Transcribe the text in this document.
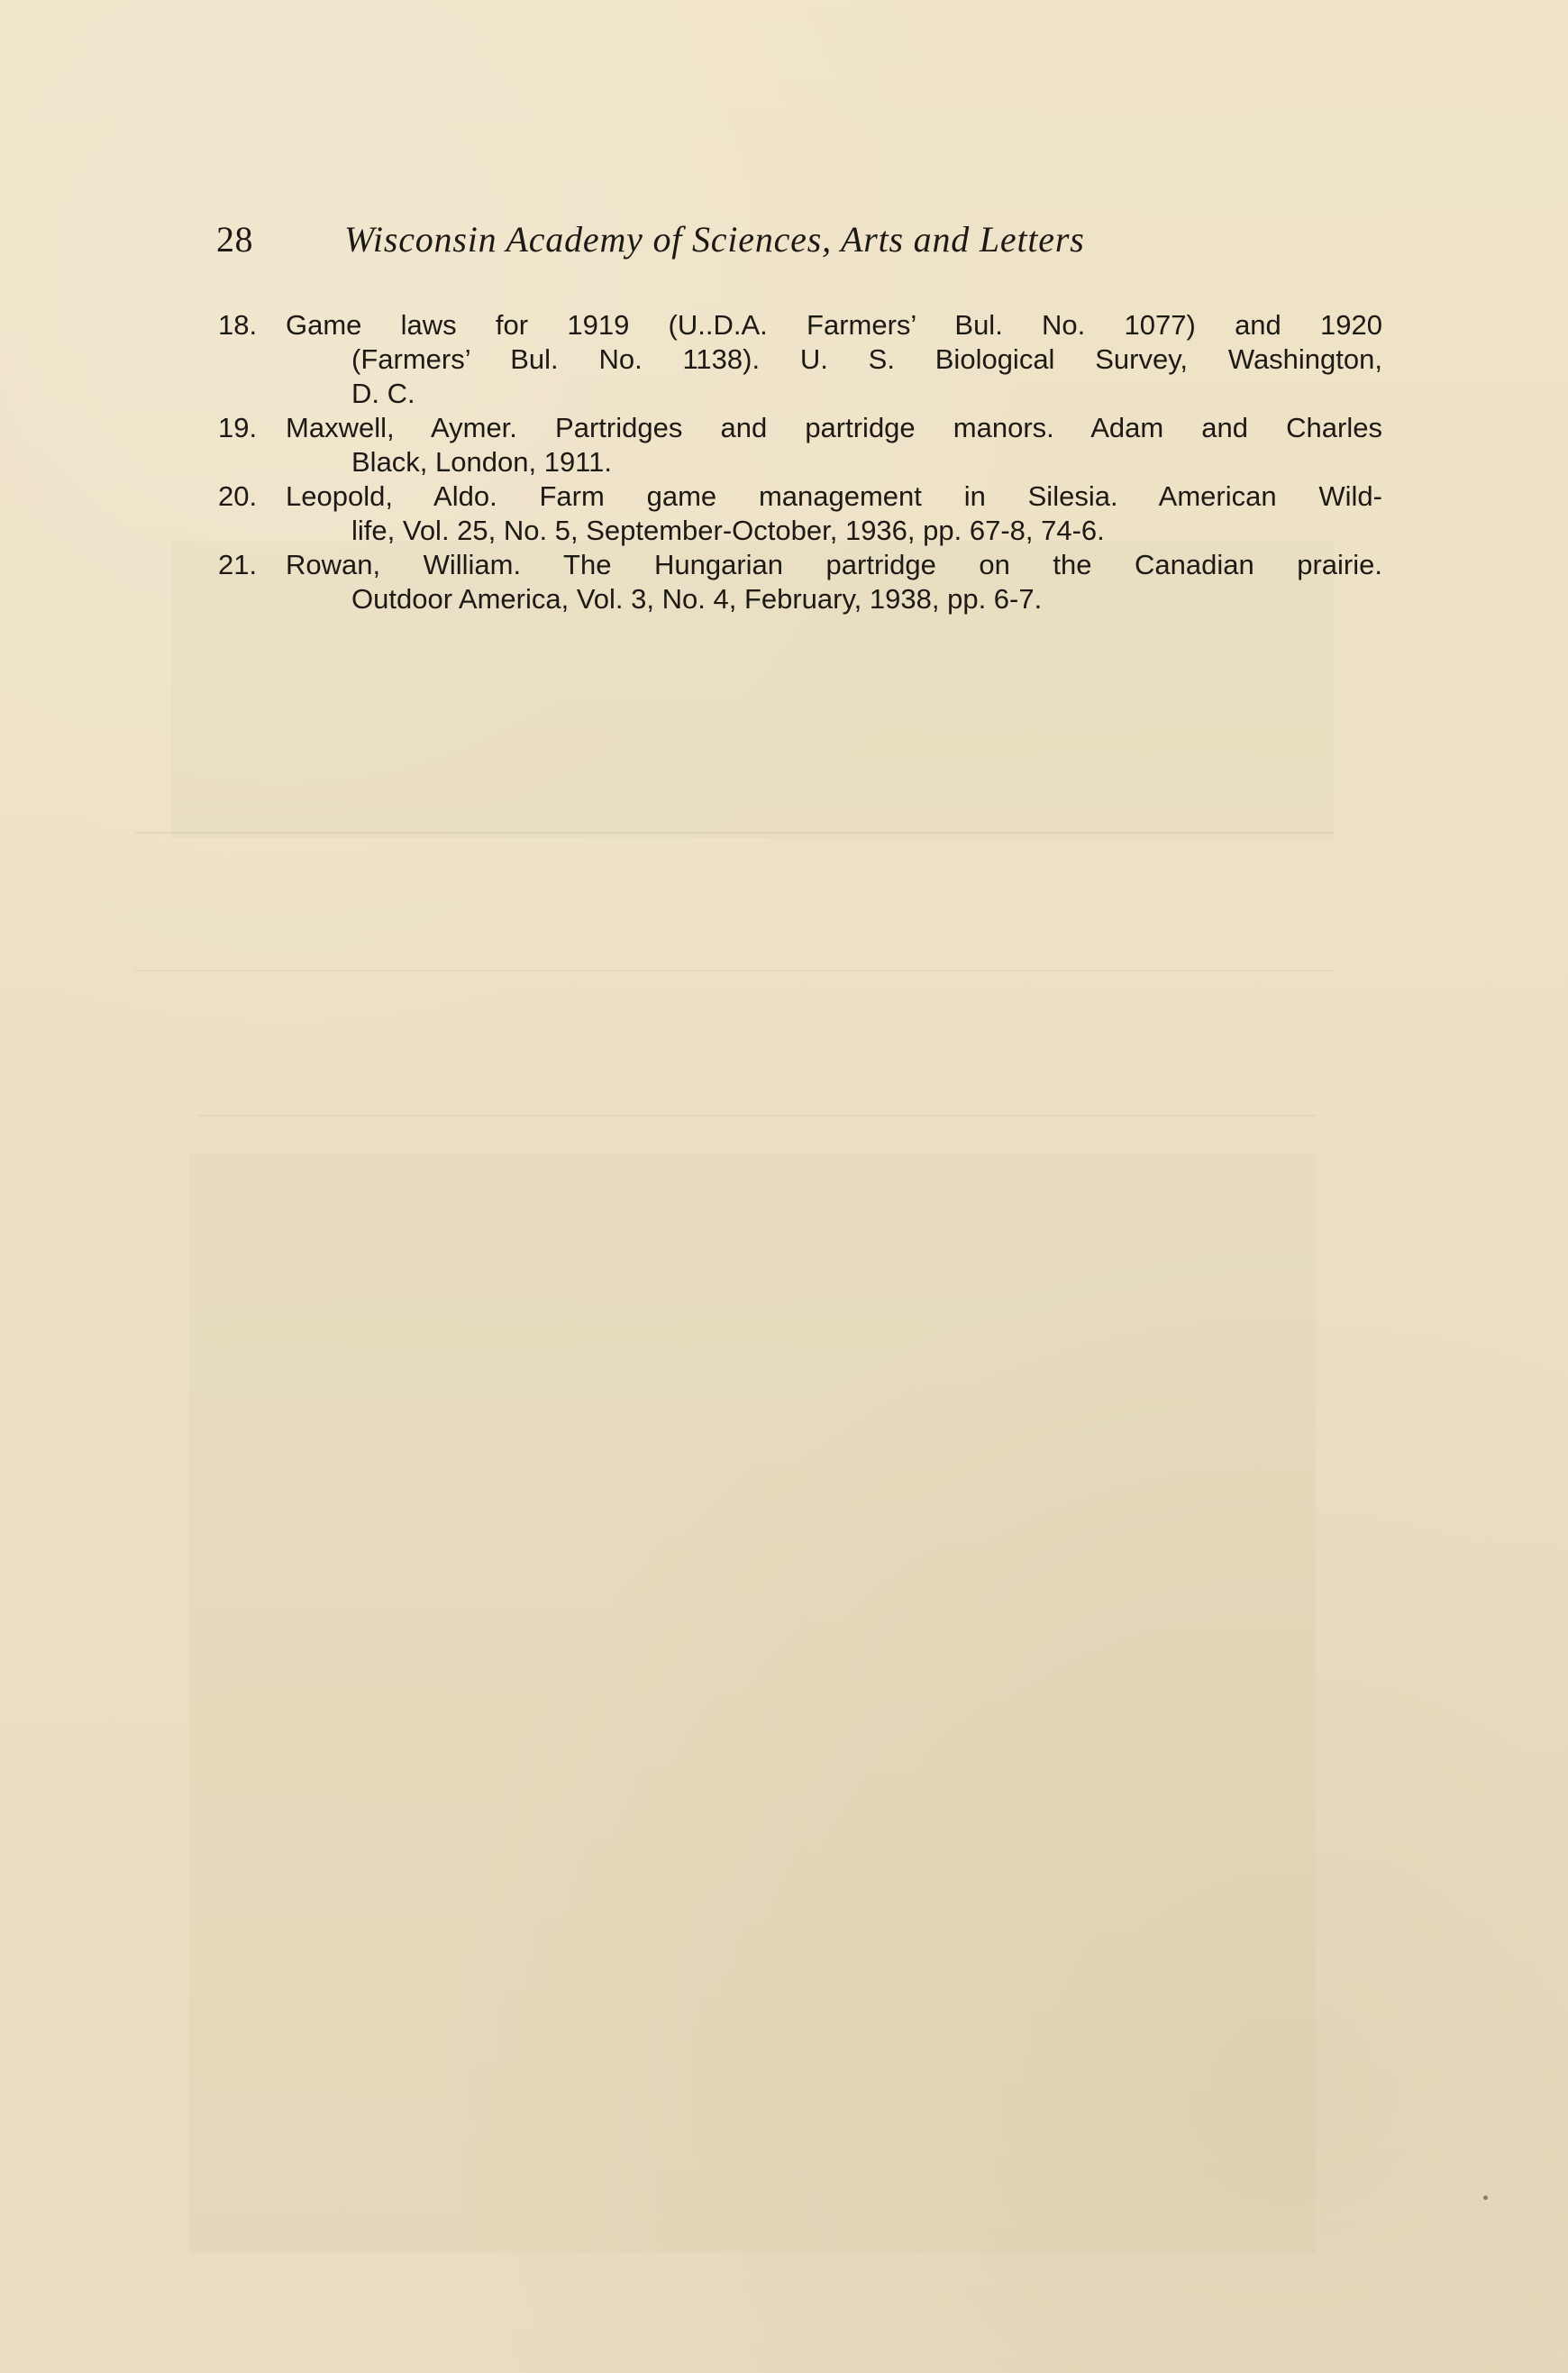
28	Wisconsin Academy of Sciences, Arts and Letters
18.	Game laws for 1919 (U..D.A. Farmers’ Bul. No. 1077) and 1920
(Farmers’ Bul. No. 1138). U. S. Biological Survey, Washington,
D. C.
19.	Maxwell, Aymer. Partridges and partridge manors. Adam and Charles
Black, London, 1911.
20.	Leopold, Aldo. Farm game management in Silesia. American Wild-
life, Vol. 25, No. 5, September-October, 1936, pp. 67-8, 74-6.
21.	Rowan, William. The Hungarian partridge on the Canadian prairie.
Outdoor America, Vol. 3, No. 4, February, 1938, pp. 6-7.
